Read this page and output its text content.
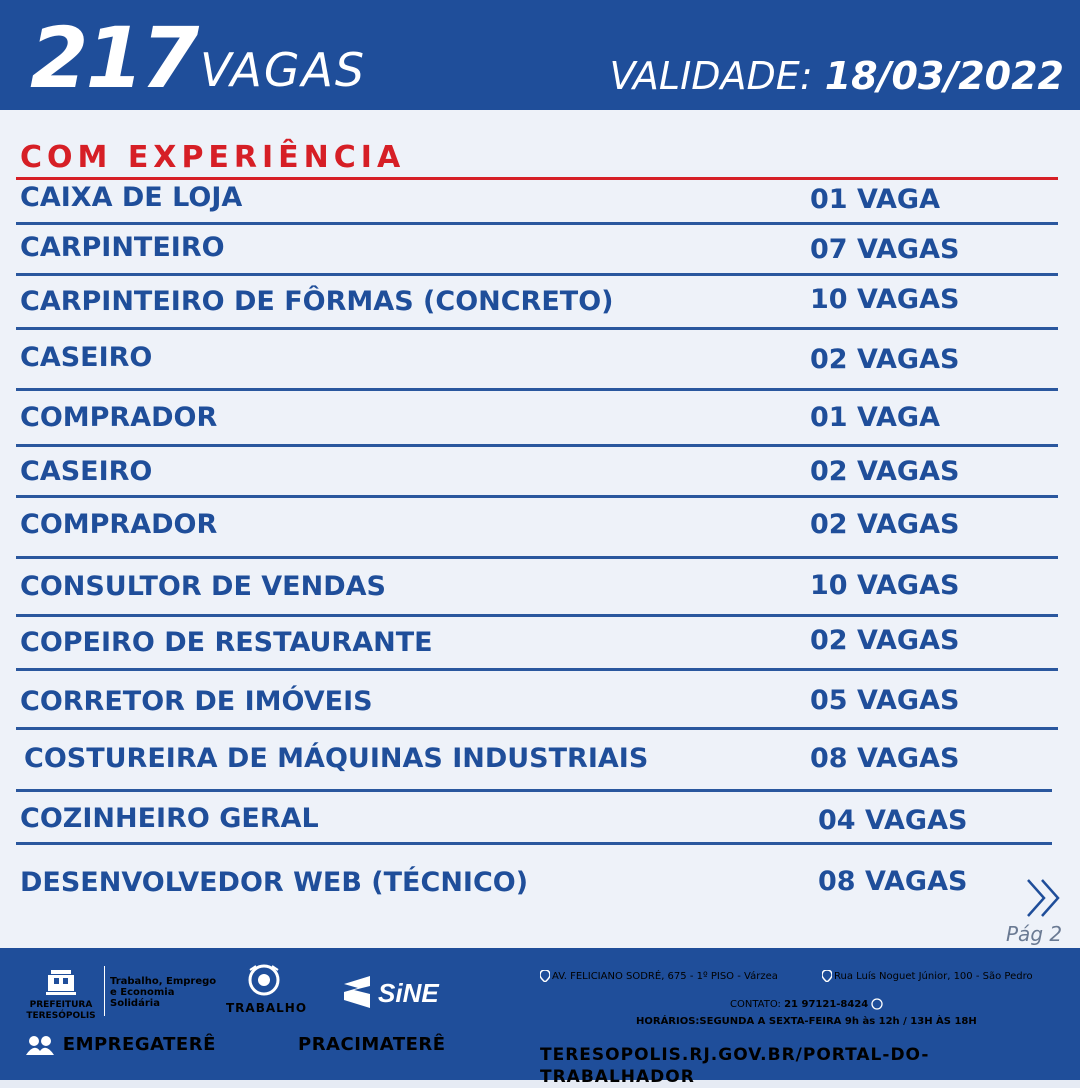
217 VAGAS	VALIDADE: 18/03/2022
COM EXPERIÊNCIA
CAIXA DE LOJA	01 VAGA
CARPINTEIRO	07 VAGAS
CARPINTEIRO DE FÔRMAS (CONCRETO)	10 VAGAS
CASEIRO	02 VAGAS
COMPRADOR	01 VAGA
CASEIRO	02 VAGAS
COMPRADOR	02 VAGAS
CONSULTOR DE VENDAS	10 VAGAS
COPEIRO DE RESTAURANTE	02 VAGAS
CORRETOR DE IMÓVEIS	05 VAGAS
COSTUREIRA DE MÁQUINAS INDUSTRIAIS	08 VAGAS
COZINHEIRO GERAL	04 VAGAS
DESENVOLVEDOR WEB (TÉCNICO)	08 VAGAS
Pág 2
PREFEITURA TERESÓPOLIS
Trabalho, Emprego e Economia Solidária	TRABALHO	SiNE
EMPREGATERÊ	PRACIMATERÊ
AV. FELICIANO SODRÉ, 675 - 1º PISO - Várzea	Rua Luís Noguet Júnior, 100 - São Pedro
CONTATO: 21 97121-8424
HORÁRIOS:SEGUNDA A SEXTA-FEIRA 9h às 12h / 13H ÀS 18H
TERESOPOLIS.RJ.GOV.BR/PORTAL-DO-TRABALHADOR
